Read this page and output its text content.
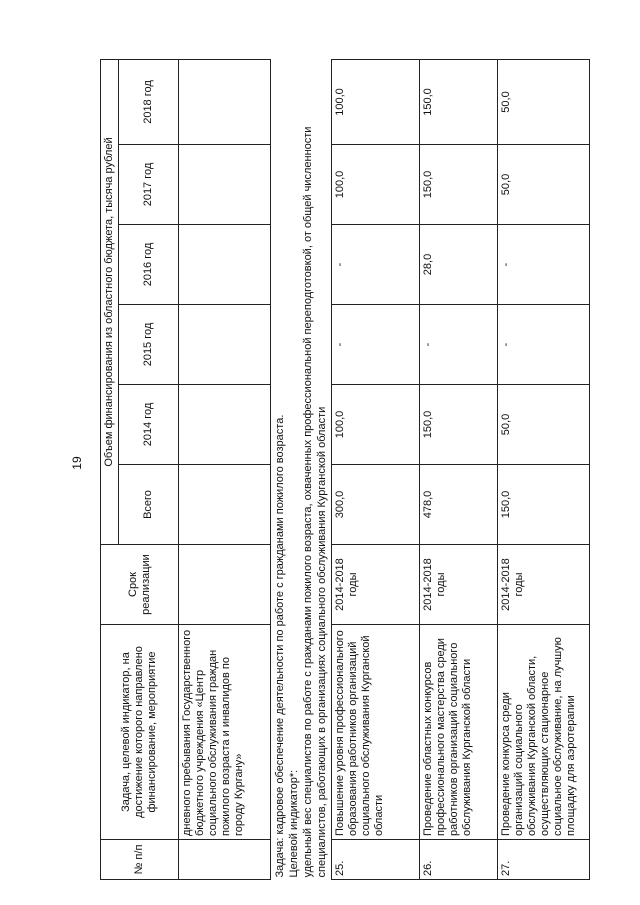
19
№ п/п	Задача, целевой индикатор, на достижение которого направлено финансирование, мероприятие	Срок реализации	Объем финансирования из областного бюджета, тысяча рублей					
			Всего	2014 год	2015 год	2016 год	2017 год	2018 год
	дневного пребывания Государственного бюджетного учреждения «Центр социального обслуживания граждан пожилого возраста и инвалидов по городу Кургану»							

Задача: кадровое обеспечение деятельности по работе с гражданами пожилого возраста. Целевой индикатор*: удельный вес специалистов по работе с гражданами пожилого возраста, охваченных профессиональной переподготовкой, от общей численности специалистов, работающих в организациях социального обслуживания Курганской области								

25.	Повышение уровня профессионального образования работников организаций социального обслуживания Курганской области	2014-2018 годы	300,0	100,0	-	-	100,0	100,0
26.	Проведение областных конкурсов профессионального мастерства среди работников организаций социального обслуживания Курганской области	2014-2018 годы	478,0	150,0	-	28,0	150,0	150,0
27.	Проведение конкурса среди организаций социального обслуживания Курганской области, осуществляющих стационарное социальное обслуживание, на лучшую площадку для аэротерапии	2014-2018 годы	150,0	50,0	-	-	50,0	50,0
